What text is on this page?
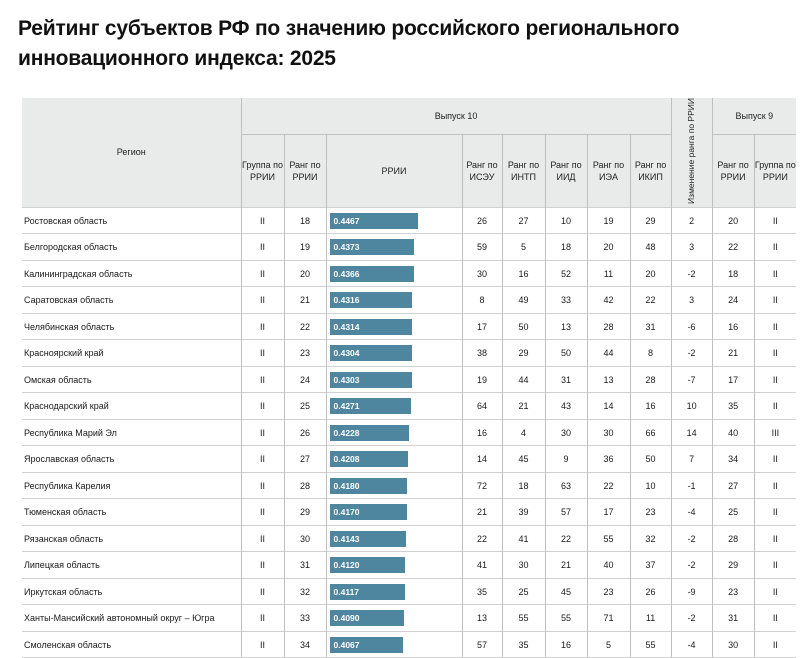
Рейтинг субъектов РФ по значению российского регионального инновационного индекса: 2025
Регион	Выпуск 10								Изменение ранга по РРИИ	Выпуск 9	
	Группа по РРИИ	Ранг по РРИИ	РРИИ	Ранг по ИСЭУ	Ранг по ИНТП	Ранг по ИИД	Ранг по ИЭА	Ранг по ИКИП		Ранг по РРИИ	Группа по РРИИ
Ростовская область	II	18	0.4467	26	27	10	19	29	2	20	II
Белгородская область	II	19	0.4373	59	5	18	20	48	3	22	II
Калининградская область	II	20	0.4366	30	16	52	11	20	-2	18	II
Саратовская область	II	21	0.4316	8	49	33	42	22	3	24	II
Челябинская область	II	22	0.4314	17	50	13	28	31	-6	16	II
Красноярский край	II	23	0.4304	38	29	50	44	8	-2	21	II
Омская область	II	24	0.4303	19	44	31	13	28	-7	17	II
Краснодарский край	II	25	0.4271	64	21	43	14	16	10	35	II
Республика Марий Эл	II	26	0.4228	16	4	30	30	66	14	40	III
Ярославская область	II	27	0.4208	14	45	9	36	50	7	34	II
Республика Карелия	II	28	0.4180	72	18	63	22	10	-1	27	II
Тюменская область	II	29	0.4170	21	39	57	17	23	-4	25	II
Рязанская область	II	30	0.4143	22	41	22	55	32	-2	28	II
Липецкая область	II	31	0.4120	41	30	21	40	37	-2	29	II
Иркутская область	II	32	0.4117	35	25	45	23	26	-9	23	II
Ханты-Мансийский автономный округ – Югра	II	33	0.4090	13	55	55	71	11	-2	31	II
Смоленская область	II	34	0.4067	57	35	16	5	55	-4	30	II
